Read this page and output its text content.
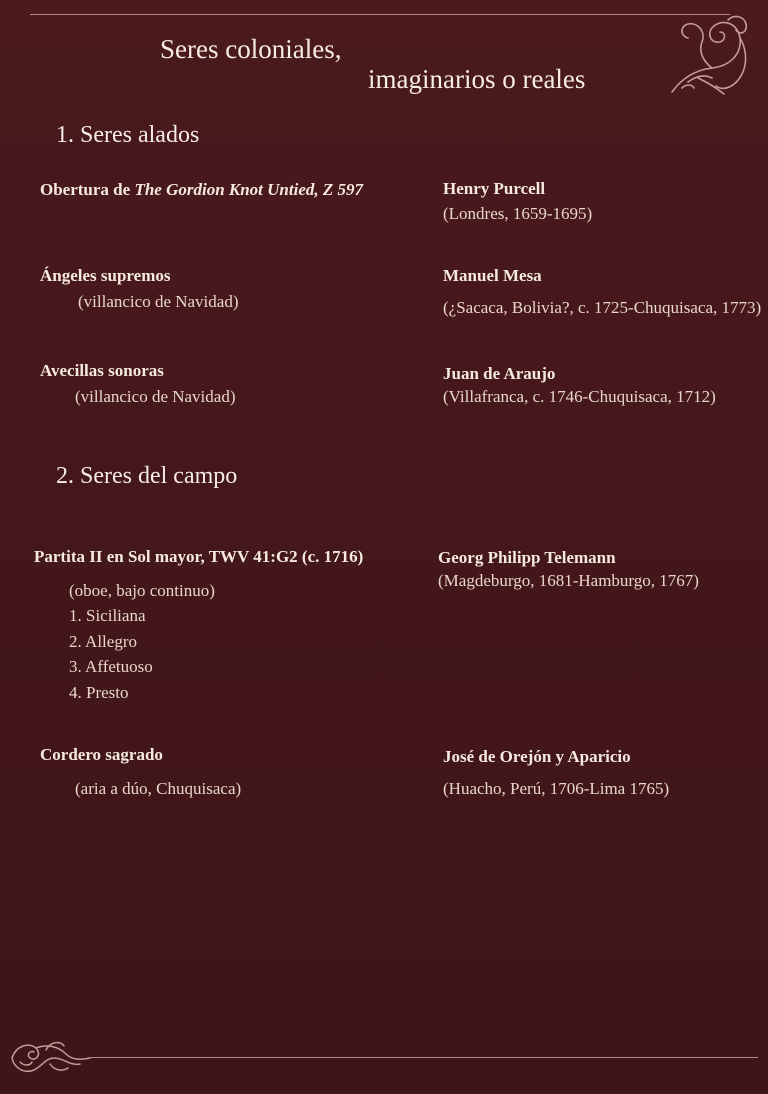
Seres coloniales,
imaginarios o reales
1. Seres alados
Obertura de The Gordion Knot Untied, Z 597	Henry Purcell
(Londres, 1659-1695)
Ángeles supremos
(villancico de Navidad)
Manuel Mesa
(¿Sacaca, Bolivia?, c. 1725-Chuquisaca, 1773)
Avecillas sonoras
(villancico de Navidad)
Juan de Araujo
(Villafranca, c. 1746-Chuquisaca, 1712)
2. Seres del campo
Partita II en Sol mayor, TWV 41:G2 (c. 1716)
(oboe, bajo continuo)
1. Siciliana
2. Allegro
3. Affetuoso
4. Presto
Georg Philipp Telemann
(Magdeburgo, 1681-Hamburgo, 1767)
Cordero sagrado
(aria a dúo, Chuquisaca)
José de Orejón y Aparicio
(Huacho, Perú, 1706-Lima 1765)
